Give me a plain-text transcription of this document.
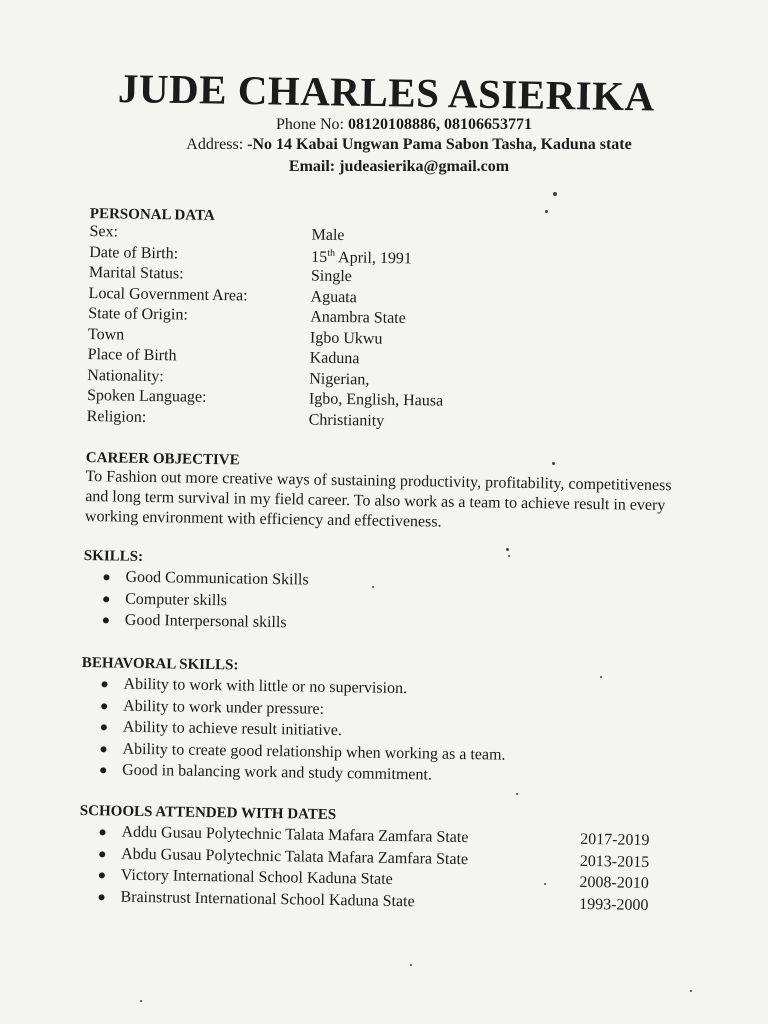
JUDE CHARLES ASIERIKA
Phone No: 08120108886, 08106653771
Address: -No 14 Kabai Ungwan Pama Sabon Tasha, Kaduna state
Email: judeasierika@gmail.com
PERSONAL DATA
Sex:	Male
Date of Birth:	15th April, 1991
Marital Status:	Single
Local Government Area:	Aguata
State of Origin:	Anambra State
Town	Igbo Ukwu
Place of Birth	Kaduna
Nationality:	Nigerian,
Spoken Language:	Igbo, English, Hausa
Religion:	Christianity
CAREER OBJECTIVE
To Fashion out more creative ways of sustaining productivity, profitability, competitiveness and long term survival in my field career. To also work as a team to achieve result in every working environment with efficiency and effectiveness.
SKILLS:
Good Communication Skills
Computer skills
Good Interpersonal skills
BEHAVORAL SKILLS:
Ability to work with little or no supervision.
Ability to work under pressure:
Ability to achieve result initiative.
Ability to create good relationship when working as a team.
Good in balancing work and study commitment.
SCHOOLS ATTENDED WITH DATES
Addu Gusau Polytechnic Talata Mafara Zamfara State	2017-2019
Abdu Gusau Polytechnic Talata Mafara Zamfara State	2013-2015
Victory International School Kaduna State	2008-2010
Brainstrust International School Kaduna State	1993-2000
